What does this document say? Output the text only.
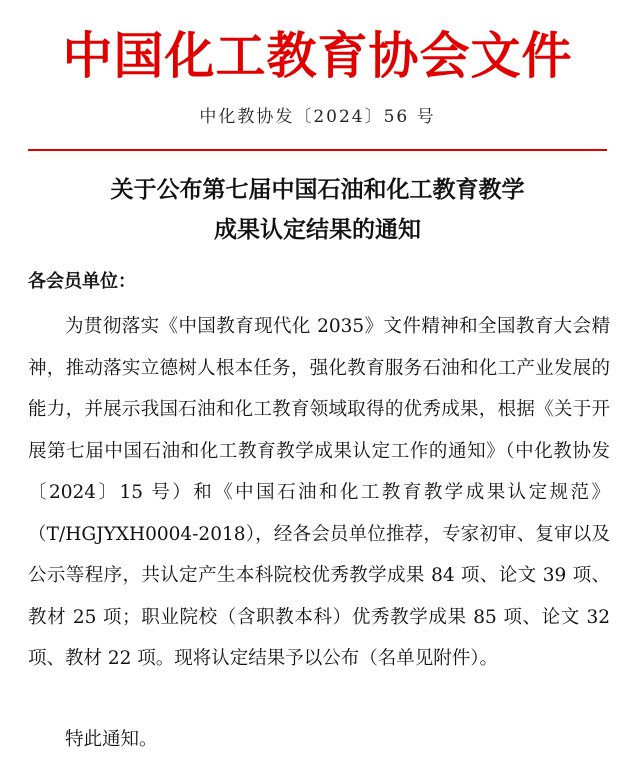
中国化工教育协会文件
中化教协发〔2024〕56 号
关于公布第七届中国石油和化工教育教学
成果认定结果的通知
各会员单位：
为贯彻落实《中国教育现代化 2035》文件精神和全国教育大会精神，推动落实立德树人根本任务，强化教育服务石油和化工产业发展的能力，并展示我国石油和化工教育领域取得的优秀成果，根据《关于开展第七届中国石油和化工教育教学成果认定工作的通知》（中化教协发〔2024〕15 号）和《中国石油和化工教育教学成果认定规范》（T/HGJYXH0004-2018），经各会员单位推荐，专家初审、复审以及公示等程序，共认定产生本科院校优秀教学成果 84 项、论文 39 项、教材 25 项；职业院校（含职教本科）优秀教学成果 85 项、论文 32 项、教材 22 项。现将认定结果予以公布（名单见附件）。
特此通知。
